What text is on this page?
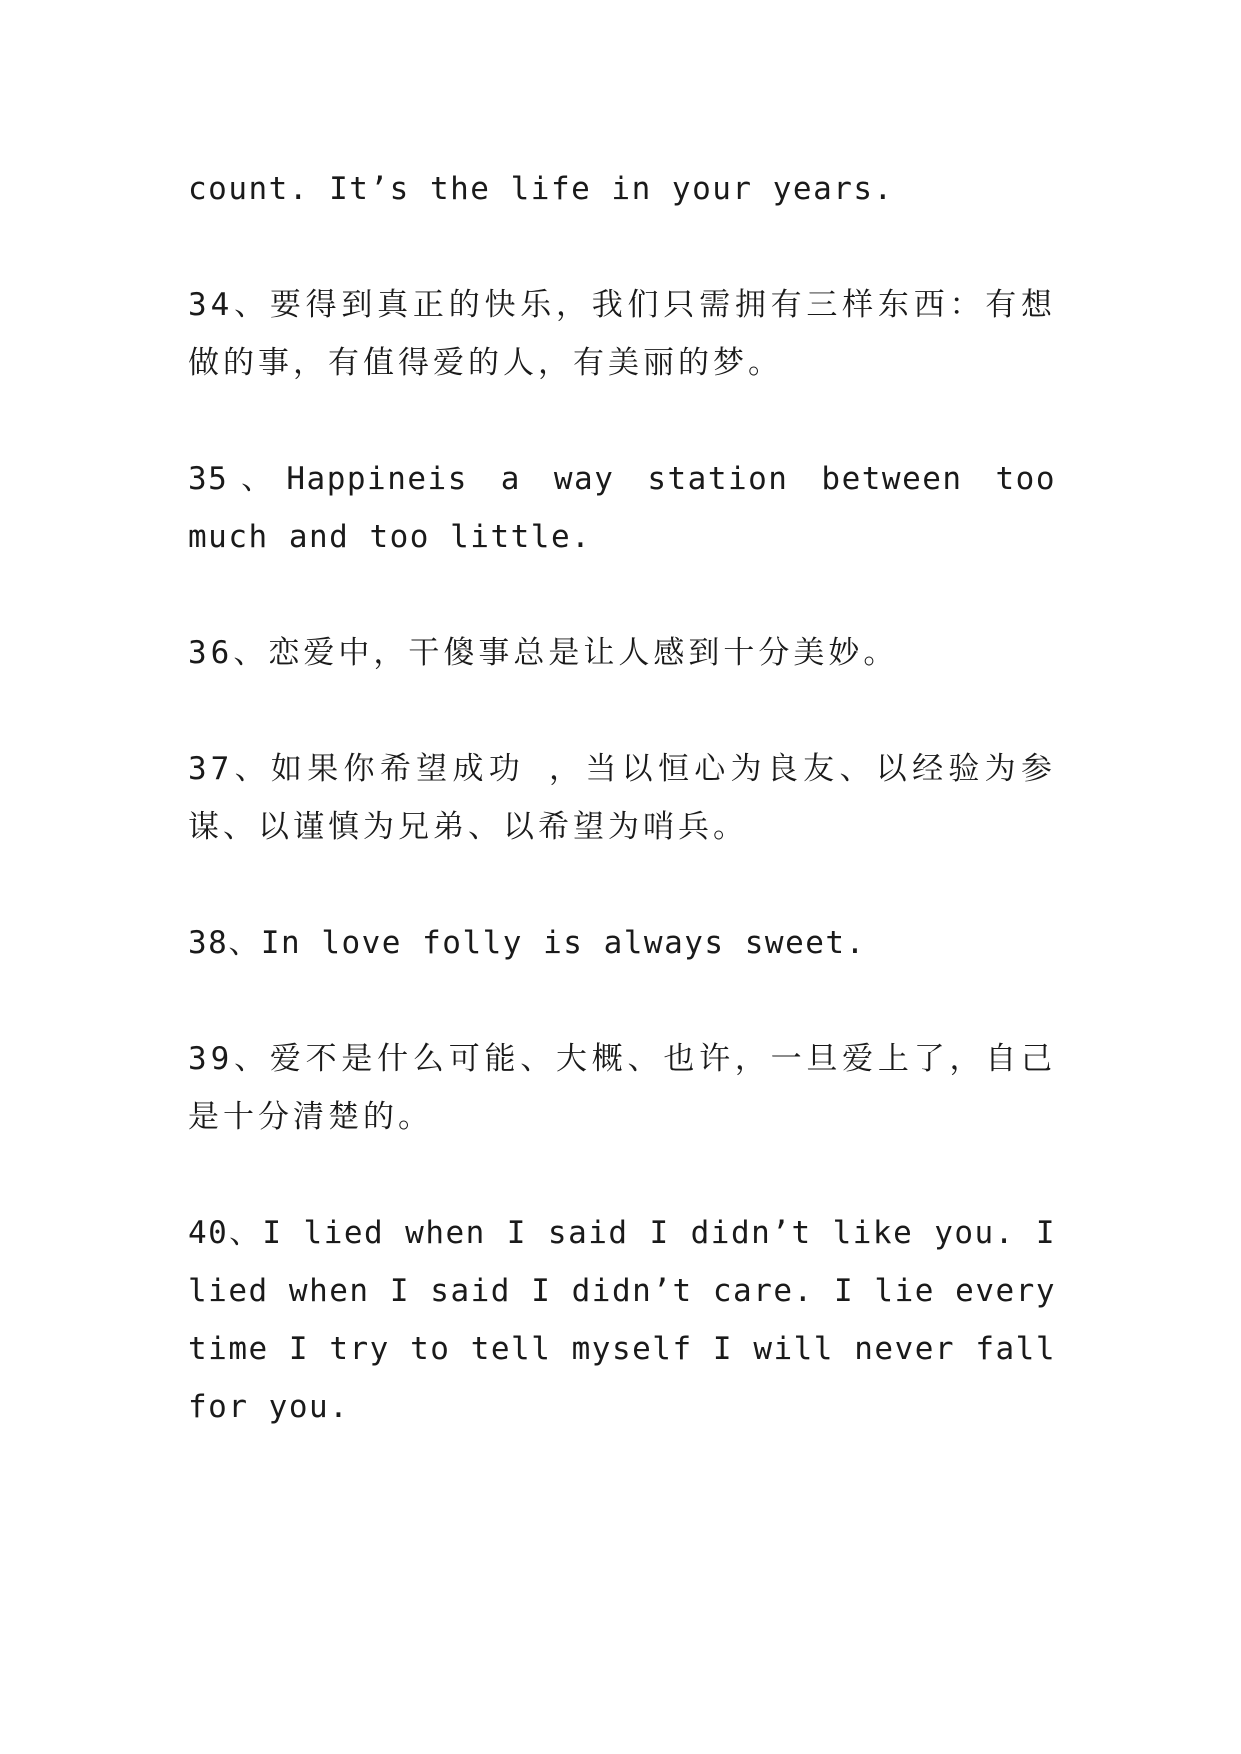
count. It’s the life in your years.

34、要得到真正的快乐，我们只需拥有三样东西：有想做的事，有值得爱的人，有美丽的梦。

35、Happineis a way station between too much and too little.

36、恋爱中，干傻事总是让人感到十分美妙。

37、如果你希望成功 ，当以恒心为良友、以经验为参谋、以谨慎为兄弟、以希望为哨兵。

38、In love folly is always sweet.

39、爱不是什么可能、大概、也许，一旦爱上了，自己是十分清楚的。

40、I lied when I said I didn’t like you. I lied when I said I didn’t care. I lie every time I try to tell myself I will never fall for you.
